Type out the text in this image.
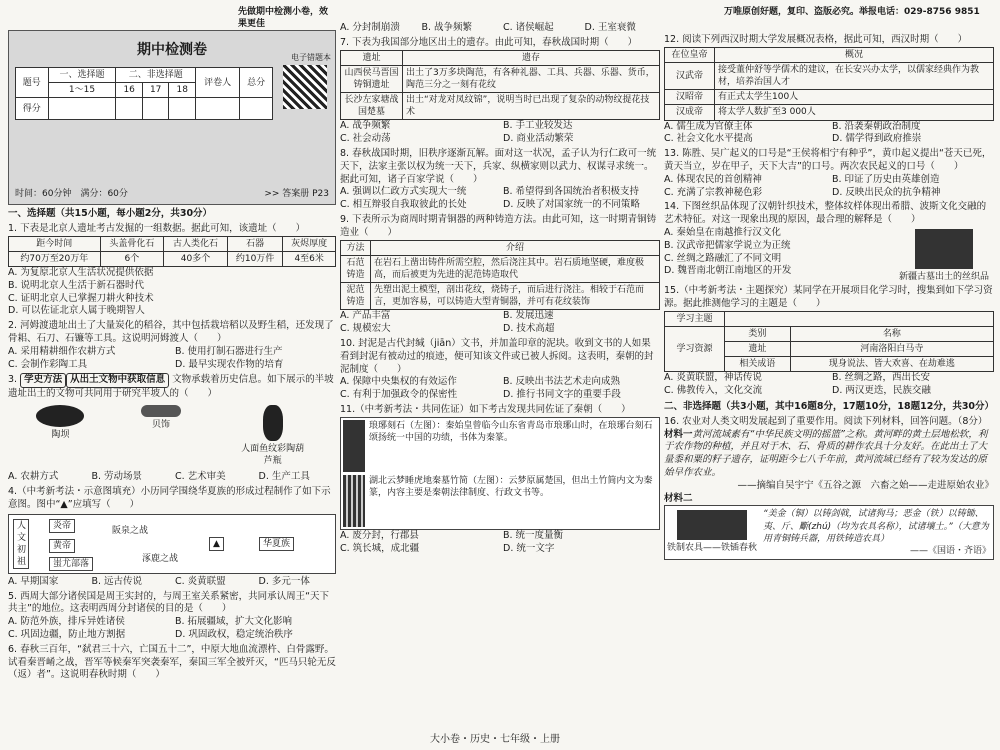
先做期中检测小卷，效果更佳
期中检测卷
题号	一、选择题	二、非选择题			评卷人	总分
	1～15	16	17	18		
得分						
电子错题本
时间：60分钟　满分：60分	>> 答案册 P23
一、选择题（共15小题，每小题2分，共30分）
1. 下表是北京人遗址考古发掘的一组数据。据此可知，该遗址（　　）
距今时间	头盖骨化石	古人类化石	石器	灰烬厚度
约70万至20万年	6个	40多个	约10万件	4至6米
A. 为复原北京人生活状况提供依据
B. 说明北京人生活于新石器时代
C. 证明北京人已掌握刀耕火种技术
D. 可以佐证北京人属于晚期智人
2. 河姆渡遗址出土了大量炭化的稻谷，其中包括栽培稻以及野生稻，还发现了骨耜、石刀、石镰等工具。这说明河姆渡人（　　）
A. 采用精耕细作农耕方式	B. 使用打制石器进行生产
C. 会制作彩陶工具	D. 最早实现农作物的培育
3. 学史方法 从出土文物中获取信息 文物承载着历史信息。如下展示的半坡遗址出土的文物可共同用于研究半坡人的（　　）
陶坝
贝饰
人面鱼纹彩陶葫芦瓶
A. 农耕方式	B. 劳动场景	C. 艺术审美	D. 生产工具
4.（中考新考法・示意图填充）小历同学围绕华夏族的形成过程制作了如下示意图。图中“▲”应填写（　　）
人文初祖
炎帝
黄帝
蚩尤部落
阪泉之战
涿鹿之战
▲	华夏族
A. 早期国家	B. 远古传说	C. 炎黄联盟	D. 多元一体
5. 西周大部分诸侯国是周王实封的，与周王室关系紧密，共同承认周王“天下共主”的地位。这表明西周分封诸侯的目的是（　　）
A. 防范外族，排斥异姓诸侯	B. 拓展疆域，扩大文化影响
C. 巩固边疆，防止地方割据	D. 巩固政权，稳定统治秩序
6. 春秋三百年，“弑君三十六，亡国五十二”，中原大地血流漂杵、白骨露野。试看秦晋崤之战，晋军等候秦军突袭秦军，秦国三军全被歼灭，“匹马只轮无反（返）者”。这说明春秋时期（　　）
A. 分封制崩溃	B. 战争频繁	C. 诸侯崛起	D. 王室衰微
7. 下表为我国部分地区出土的遗存。由此可知，春秋战国时期（　　）
遗址	遗存
山西侯马晋国铸铜遗址	出土了3万多块陶范，有各种礼器、工具、兵器、乐器、货币，陶范三分之一刻有花纹
长沙左家塘战国楚墓	出土“对龙对凤纹锦”，说明当时已出现了复杂的动物纹提花技术
A. 战争频繁	B. 手工业较发达
C. 社会动荡	D. 商业活动繁荣
8. 春秋战国时期，旧秩序逐渐瓦解。面对这一状况，孟子认为行仁政可一统天下，法家主张以权为统一天下，兵家、纵横家则以武力、权谋寻求统一。据此可知，诸子百家学说（　　）
A. 强调以仁政方式实现大一统	B. 希望得到各国统治者积极支持
C. 相互辩驳自我取彼此的长处	D. 反映了对国家统一的不同策略
9. 下表所示为商周时期青铜器的两种铸造方法。由此可知，这一时期青铜铸造业（　　）
方法	介绍
石范铸造	在岩石上凿出铸件所需空腔，然后浇注其中。岩石质地坚硬，难度极高，而后被更为先进的泥范铸造取代
泥范铸造	先塑出泥土模型，剖出花纹，烧铸子，而后进行浇注。相较于石范而言，更加容易，可以铸造大型青铜器，并可有花纹装饰
A. 产品丰富	B. 发展迅速
C. 规模宏大	D. 技术高超
10. 封泥是古代封缄（jiān）文书，并加盖印章的泥块。收到文书的人如果看到封泥有被动过的痕迹，便可知该文件或已被人拆阅。这表明，秦朝的封泥制度（　　）
A. 保障中央集权的有效运作	B. 反映出书法艺术走向成熟
C. 有利于加强政令的保密性	D. 推行书同文字的重要手段
11.（中考新考法・共同佐证）如下考古发现共同佐证了秦朝（　　）
琅琊刻石（左图）：秦始皇曾临今山东省青岛市琅琊山时，在琅琊台刻石颂扬统一中国的功绩，书体为秦篆。
湖北云梦睡虎地秦墓竹简（左图）：云梦原属楚国，但出土竹简内文为秦篆，内容主要是秦朝法律制度、行政文书等。
A. 废分封，行郡县	B. 统一度量衡
C. 筑长城，成北疆	D. 统一文字
万唯原创好题，复印、盗版必究。举报电话：029-8756 9851
12. 阅读下列西汉时期大学发展概况表格，据此可知，西汉时期（　　）
在位皇帝	概况
汉武帝	接受董仲舒等学儒术的建议，在长安兴办太学，以儒家经典作为教材，培养治国人才
汉昭帝	有正式太学生100人
汉成帝	将太学人数扩至3 000人
A. 儒生成为官僚主体	B. 沿袭秦朝政治制度
C. 社会文化水平提高	D. 儒学得到政府推崇
13. 陈胜、吴广起义的口号是“王侯将相宁有种乎”，黄巾起义提出“苍天已死，黄天当立，岁在甲子，天下大吉”的口号。两次农民起义的口号（　　）
A. 体现农民的首创精神	B. 印证了历史由英雄创造
C. 充满了宗教神秘色彩	D. 反映出民众的抗争精神
14. 下图丝织品体现了汉朝针织技术，整体纹样体现出希腊、波斯文化交融的艺术特征。对这一现象出现的原因，最合理的解释是（　　）
A. 秦始皇在南越推行汉文化
B. 汉武帝把儒家学说立为正统
C. 丝绸之路融汇了不同文明
D. 魏晋南北朝江南地区的开发
新疆古墓出土的丝织品
15.（中考新考法・主题探究）某同学在开展项目化学习时，搜集到如下学习资源。据此推测他学习的主题是（　　）
学习主题		
学习资源	类别	名称
	遗址	河南洛阳白马寺
	相关成语	现身说法、皆大欢喜、在劫难逃
A. 炎黄联盟，神话传说	B. 丝绸之路，西出长安
C. 佛教传入，文化交流	D. 两汉更迭，民族交融
二、非选择题（共3小题，其中16题8分，17题10分，18题12分，共30分）
16. 农业对人类文明发展起到了重要作用。阅读下列材料，回答问题。（8分）
材料一黄河流域素有“中华民族文明的摇篮”之称。黄河畔的黄土层地松软，利于农作物的种植，并且对于木、石、骨质的耕作农具十分友好。在此出土了大量黍和粟的籽子遗存，证明距今七八千年前，黄河流域已经有了较为发达的原始早作农业。
——摘编自吴宇宁《五谷之源　六畜之始——走进原始农业》
材料二
铁制农具——铁锸春秋
“美金（铜）以铸剑戟，试诸狗马；恶金（铁）以铸锄、夷、斤、斸(zhú)（均为农具名称），试诸壤土。”（大意为用青铜铸兵器，用铁铸造农具）
——《国语・齐语》
大小卷・历史・七年级・上册
